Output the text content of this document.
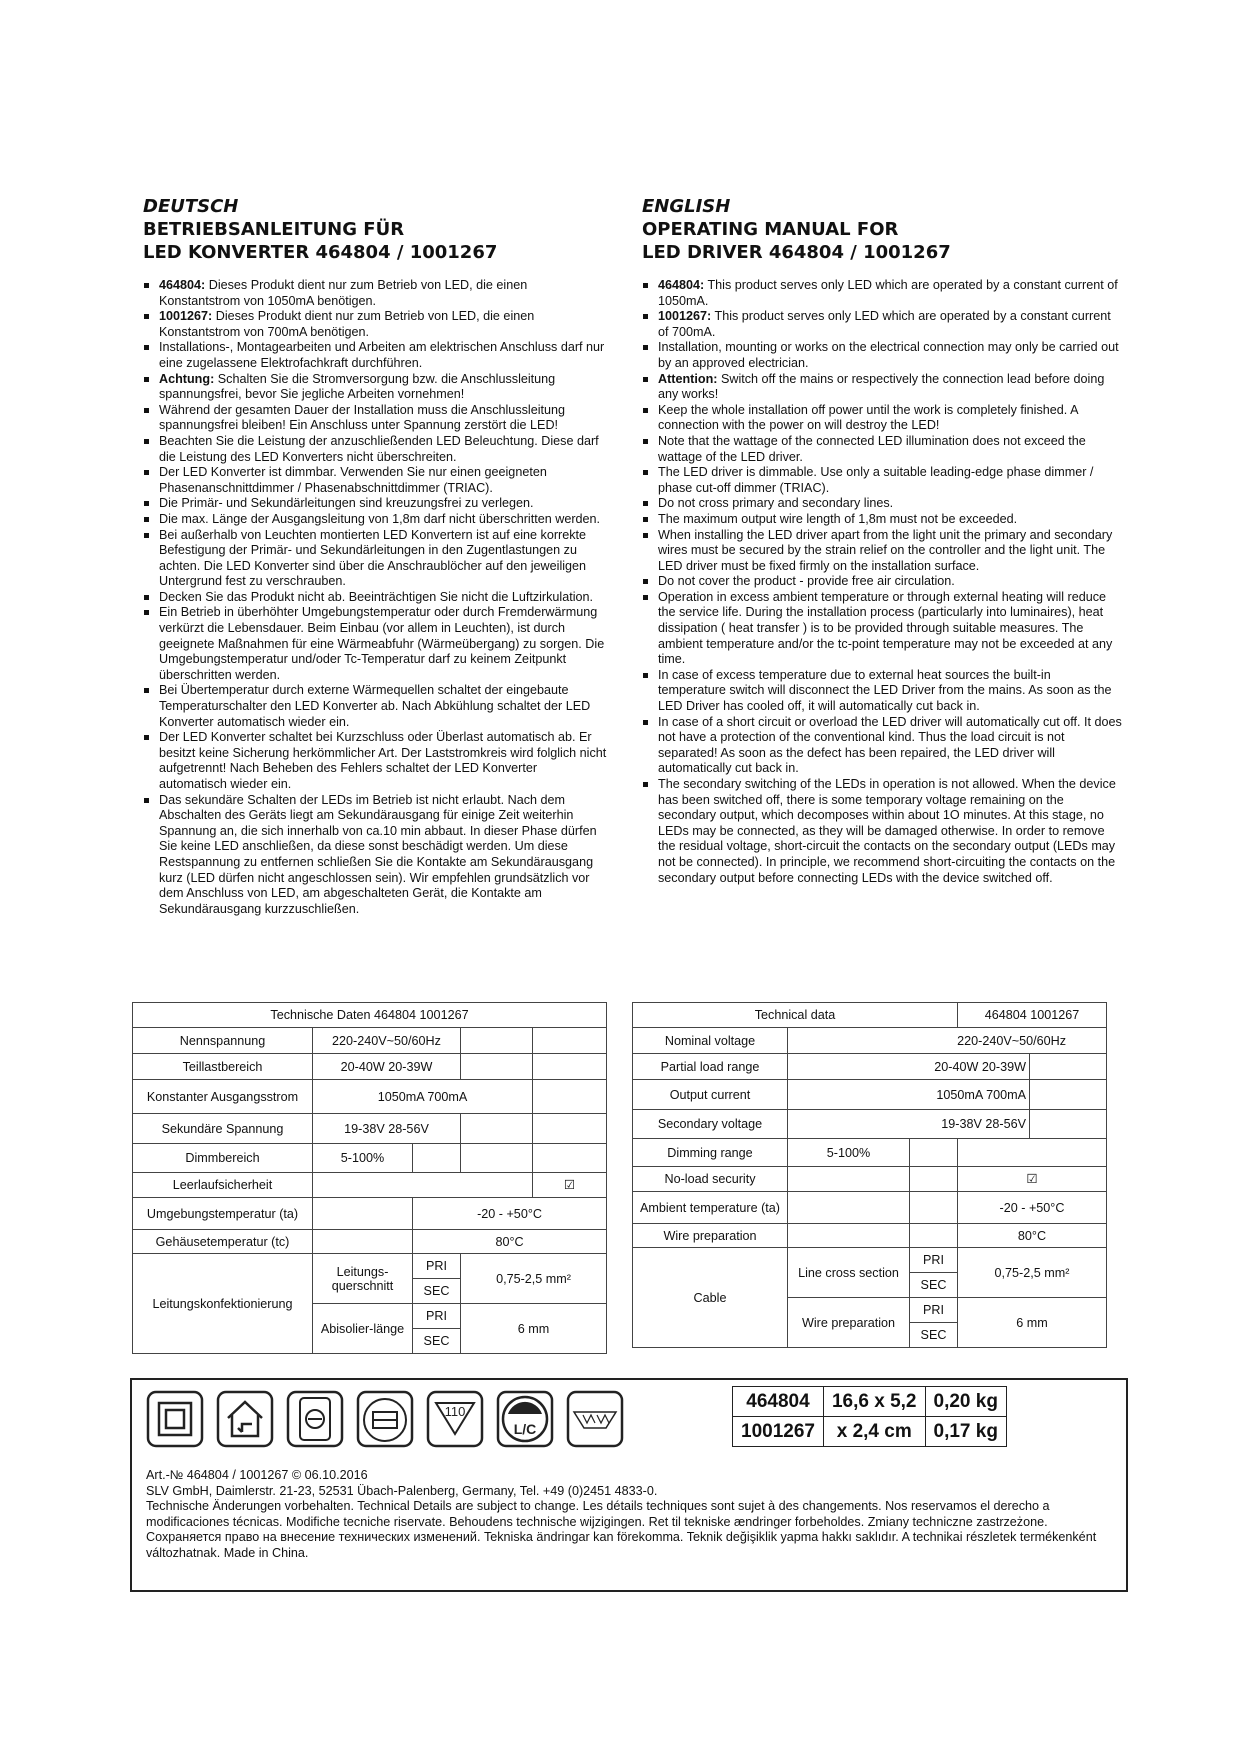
DEUTSCH

BETRIEBSANLEITUNG FÜR

LED KONVERTER 464804 / 1001267

464804: Dieses Produkt dient nur zum Betrieb von LED, die einen Konstantstrom von 1050mA benötigen.
1001267: Dieses Produkt dient nur zum Betrieb von LED, die einen Konstantstrom von 700mA benötigen.
Installations-, Montagearbeiten und Arbeiten am elektrischen Anschluss darf nur eine zugelassene Elektrofachkraft durchführen.
Achtung: Schalten Sie die Stromversorgung bzw. die Anschlussleitung spannungsfrei, bevor Sie jegliche Arbeiten vornehmen!
Während der gesamten Dauer der Installation muss die Anschlussleitung spannungsfrei bleiben! Ein Anschluss unter Spannung zerstört die LED!
Beachten Sie die Leistung der anzuschließenden LED Beleuchtung. Diese darf die Leistung des LED Konverters nicht überschreiten.
Der LED Konverter ist dimmbar. Verwenden Sie nur einen geeigneten Phasenanschnittdimmer / Phasenabschnittdimmer (TRIAC).
Die Primär- und Sekundärleitungen sind kreuzungsfrei zu verlegen.
Die max. Länge der Ausgangsleitung von 1,8m darf nicht überschritten werden.
Bei außerhalb von Leuchten montierten LED Konvertern ist auf eine korrekte Befestigung der Primär- und Sekundärleitungen in den Zugentlastungen zu achten. Die LED Konverter sind über die Anschraublöcher auf den jeweiligen Untergrund fest zu verschrauben.
Decken Sie das Produkt nicht ab. Beeinträchtigen Sie nicht die Luftzirkulation.
Ein Betrieb in überhöhter Umgebungstemperatur oder durch Fremderwärmung verkürzt die Lebensdauer. Beim Einbau (vor allem in Leuchten), ist durch geeignete Maßnahmen für eine Wärmeabfuhr (Wärmeübergang) zu sorgen. Die Umgebungstemperatur und/oder Tc-Temperatur darf zu keinem Zeitpunkt überschritten werden.
Bei Übertemperatur durch externe Wärmequellen schaltet der eingebaute Temperaturschalter den LED Konverter ab. Nach Abkühlung schaltet der LED Konverter automatisch wieder ein.
Der LED Konverter schaltet bei Kurzschluss oder Überlast automatisch ab. Er besitzt keine Sicherung herkömmlicher Art. Der Laststromkreis wird folglich nicht aufgetrennt! Nach Beheben des Fehlers schaltet der LED Konverter automatisch wieder ein.
Das sekundäre Schalten der LEDs im Betrieb ist nicht erlaubt. Nach dem Abschalten des Geräts liegt am Sekundärausgang für einige Zeit weiterhin Spannung an, die sich innerhalb von ca.10 min abbaut. In dieser Phase dürfen Sie keine LED anschließen, da diese sonst beschädigt werden. Um diese Restspannung zu entfernen schließen Sie die Kontakte am Sekundärausgang kurz (LED dürfen nicht angeschlossen sein). Wir empfehlen grundsätzlich vor dem Anschluss von LED, am abgeschalteten Gerät, die Kontakte am Sekundärausgang kurzzuschließen.

ENGLISH

OPERATING MANUAL FOR

LED DRIVER 464804 / 1001267

464804: This product serves only LED which are operated by a constant current of 1050mA.
1001267: This product serves only LED which are operated by a constant current of 700mA.
Installation, mounting or works on the electrical connection may only be carried out by an approved electrician.
Attention: Switch off the mains or respectively the connection lead before doing any works!
Keep the whole installation off power until the work is completely finished. A connection with the power on will destroy the LED!
Note that the wattage of the connected LED illumination does not exceed the wattage of the LED driver.
The LED driver is dimmable. Use only a suitable leading-edge phase dimmer / phase cut-off dimmer (TRIAC).
Do not cross primary and secondary lines.
The maximum output wire length of 1,8m must not be exceeded.
When installing the LED driver apart from the light unit the primary and secondary wires must be secured by the strain relief on the controller and the light unit. The LED driver must be fixed firmly on the installation surface.
Do not cover the product - provide free air circulation.
Operation in excess ambient temperature or through external heating will reduce the service life. During the installation process (particularly into luminaires), heat dissipation ( heat transfer ) is to be provided through suitable measures. The ambient temperature and/or the tc-point temperature may not be exceeded at any time.
In case of excess temperature due to external heat sources the built-in temperature switch will disconnect the LED Driver from the mains. As soon as the LED Driver has cooled off, it will automatically cut back in.
In case of a short circuit or overload the LED driver will automatically cut off. It does not have a protection of the conventional kind. Thus the load circuit is not separated! As soon as the defect has been repaired, the LED driver will automatically cut back in.
The secondary switching of the LEDs in operation is not allowed. When the device has been switched off, there is some temporary voltage remaining on the secondary output, which decomposes within about 1O minutes. At this stage, no LEDs may be connected, as they will be damaged otherwise. In order to remove the residual voltage, short-circuit the contacts on the secondary output (LEDs may not be connected). In principle, we recommend short-circuiting the contacts on the secondary output before connecting LEDs with the device switched off.
Technische Daten 464804 1001267				
Nennspannung	220-240V~50/60Hz			
Teillastbereich	20-40W 20-39W			
Konstanter Ausgangsstrom	1050mA 700mA			
Sekundäre Spannung	19-38V 28-56V			
Dimmbereich	5-100%			
Leerlaufsicherheit				☑
Umgebungstemperatur (ta)		-20 - +50°C		
Gehäusetemperatur (tc)		80°C		
Leitungskonfektionierung	Leitungs-querschnitt	PRI	0,75-2,5 mm²	
		SEC		
	Abisolier-länge	PRI	6 mm	
		SEC		
Technical data			464804 1001267	
Nominal voltage	220-240V~50/60Hz			
Partial load range	20-40W 20-39W			
Output current	1050mA 700mA			
Secondary voltage	19-38V 28-56V			
Dimming range	5-100%			
No-load security			☑	
Ambient temperature (ta)			-20 - +50°C	
Wire preparation			80°C	
Cable	Line cross section	PRI	0,75-2,5 mm²	
		SEC		
	Wire preparation	PRI	6 mm	
		SEC		
110
L/C
464804	16,6 x 5,2	0,20 kg
1001267	x 2,4 cm	0,17 kg

Art.-№ 464804 / 1001267 © 06.10.2016

SLV GmbH, Daimlerstr. 21-23, 52531 Übach-Palenberg, Germany, Tel. +49 (0)2451 4833-0.

Technische Änderungen vorbehalten. Technical Details are subject to change. Les détails techniques sont sujet à des changements. Nos reservamos el derecho a modificaciones técnicas. Modifiche tecniche riservate. Behoudens technische wijzigingen. Ret til tekniske ændringer forbeholdes. Zmiany techniczne zastrzeżone. Сохраняется право на внесение технических изменений. Tekniska ändringar kan förekomma. Teknik değişiklik yapma hakkı saklıdır. A technikai részletek termékenként változhatnak. Made in China.
